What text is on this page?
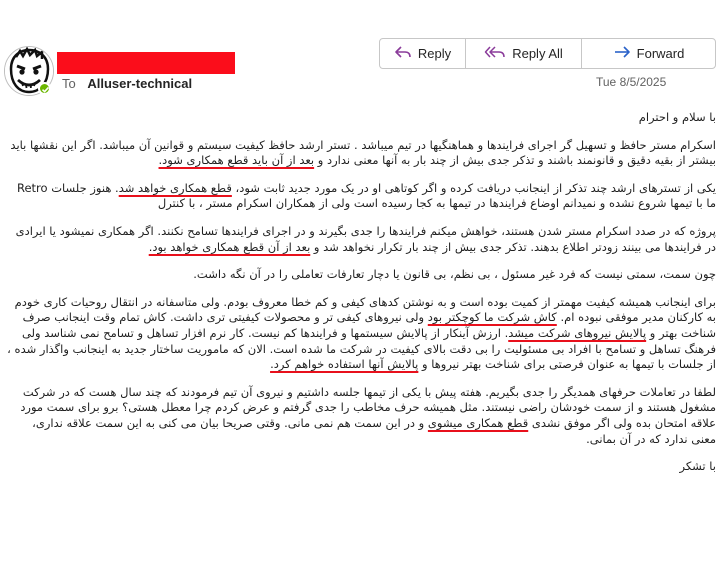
To Alluser-technical
Reply	Reply All	Forward
Tue 8/5/2025

با سلام و احترام

اسکرام مستر حافظ و تسهیل گر اجرای فرایندها و هماهنگیها در تیم میباشد . تستر ارشد حافظ کیفیت سیستم و قوانین آن میباشد. اگر این نقشها باید بیشتر از بقیه دقیق و قانونمند باشند و تذکر جدی بیش از چند بار به آنها معنی ندارد و بعد از آن باید قطع همکاری شود.

یکی از تسترهای ارشد چند تذکر از اینجانب دریافت کرده و اگر کوتاهی او در یک مورد جدید ثابت شود، قطع همکاری خواهد شد. هنوز جلسات Retro ما با تیمها شروع نشده و نمیدانم اوضاع فرایندها در تیمها به کجا رسیده است ولی از همکاران اسکرام مستر ، با کنترل

پروژه که در صدد اسکرام مستر شدن هستند، خواهش میکنم فرایندها را جدی بگیرند و در اجرای فرایندها تسامح نکنند. اگر همکاری نمیشود یا ایرادی در فرایندها می بینند زودتر اطلاع بدهند. تذکر جدی بیش از چند بار تکرار نخواهد شد و بعد از آن قطع همکاری خواهد بود.

چون سمت، سمتی نیست که فرد غیر مسئول ، بی نظم، بی قانون یا دچار تعارفات تعاملی را در آن نگه داشت.

برای اینجانب همیشه کیفیت مهمتر از کمیت بوده است و به نوشتن کدهای کیفی و کم خطا معروف بودم. ولی متاسفانه در انتقال روحیات کاری خودم به کارکنان مدیر موفقی نبوده ام. کاش شرکت ما کوچکتر بود ولی نیروهای کیفی تر و محصولات کیفیتی تری داشت. کاش تمام وقت اینجانب صرف شناخت بهتر و پالایش نیروهای شرکت میشد. ارزش آینکار از پالایش سیستمها و فرایندها کم نیست. کار نرم افزار تساهل و تسامح نمی شناسد ولی فرهنگ تساهل و تسامح با افراد بی مسئولیت را بی دقت بالای کیفیت در شرکت ما شده است. الان که ماموریت ساختار جدید به اینجانب واگذار شده ، از جلسات با تیمها به عنوان فرصتی برای شناخت بهتر نیروها و پالایش آنها استفاده خواهم کرد.

لطفا در تعاملات حرفهای همدیگر را جدی بگیریم. هفته پیش با یکی از تیمها جلسه داشتیم و نیروی آن تیم فرمودند که چند سال هست که در شرکت مشغول هستند و از سمت خودشان راضی نیستند. مثل همیشه حرف مخاطب را جدی گرفتم و عرض کردم چرا معطل هستی؟ برو برای سمت مورد علاقه امتحان بده ولی اگر موفق نشدی قطع همکاری میشوی و در این سمت هم نمی مانی. وقتی صریحا بیان می کنی به این سمت علاقه نداری، معنی ندارد که در آن بمانی.

با تشکر
